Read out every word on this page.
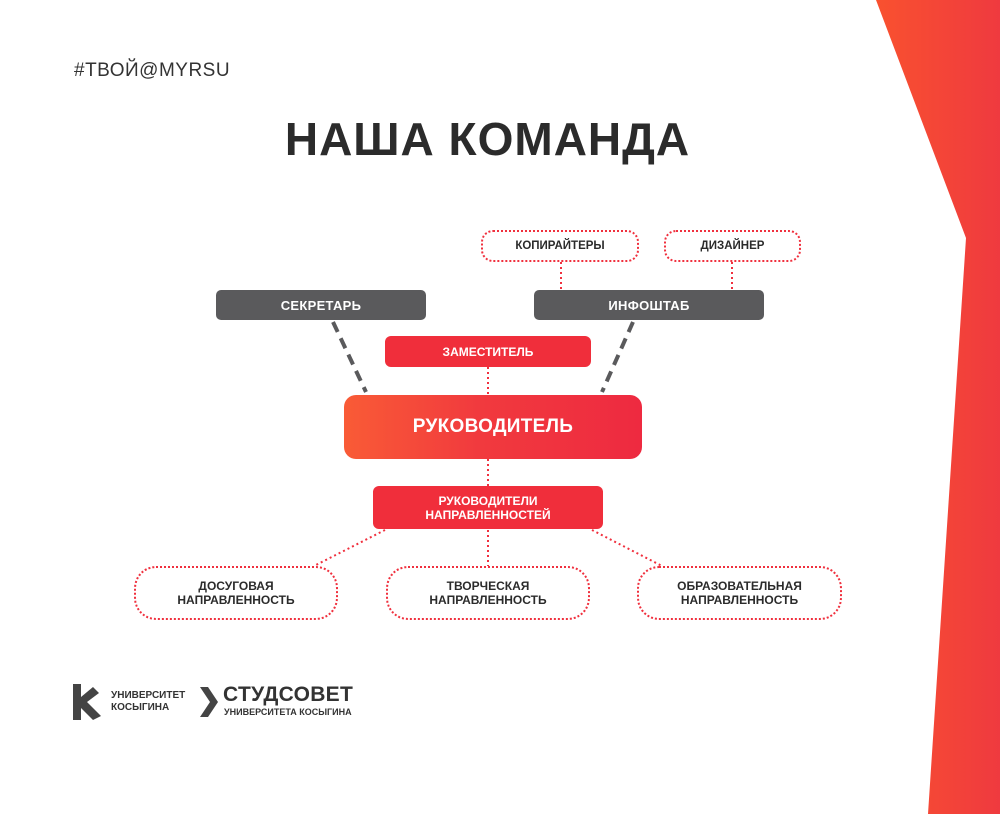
#ТВОЙ@MYRSU
НАША КОМАНДА
КОПИРАЙТЕРЫ	ДИЗАЙНЕР
СЕКРЕТАРЬ	ИНФОШТАБ
ЗАМЕСТИТЕЛЬ
РУКОВОДИТЕЛЬ
РУКОВОДИТЕЛИ
НАПРАВЛЕННОСТЕЙ
ДОСУГОВАЯ
НАПРАВЛЕННОСТЬ
ТВОРЧЕСКАЯ
НАПРАВЛЕННОСТЬ
ОБРАЗОВАТЕЛЬНАЯ
НАПРАВЛЕННОСТЬ
УНИВЕРСИТЕТ
КОСЫГИНА
СТУДСОВЕТ
УНИВЕРСИТЕТА КОСЫГИНА
